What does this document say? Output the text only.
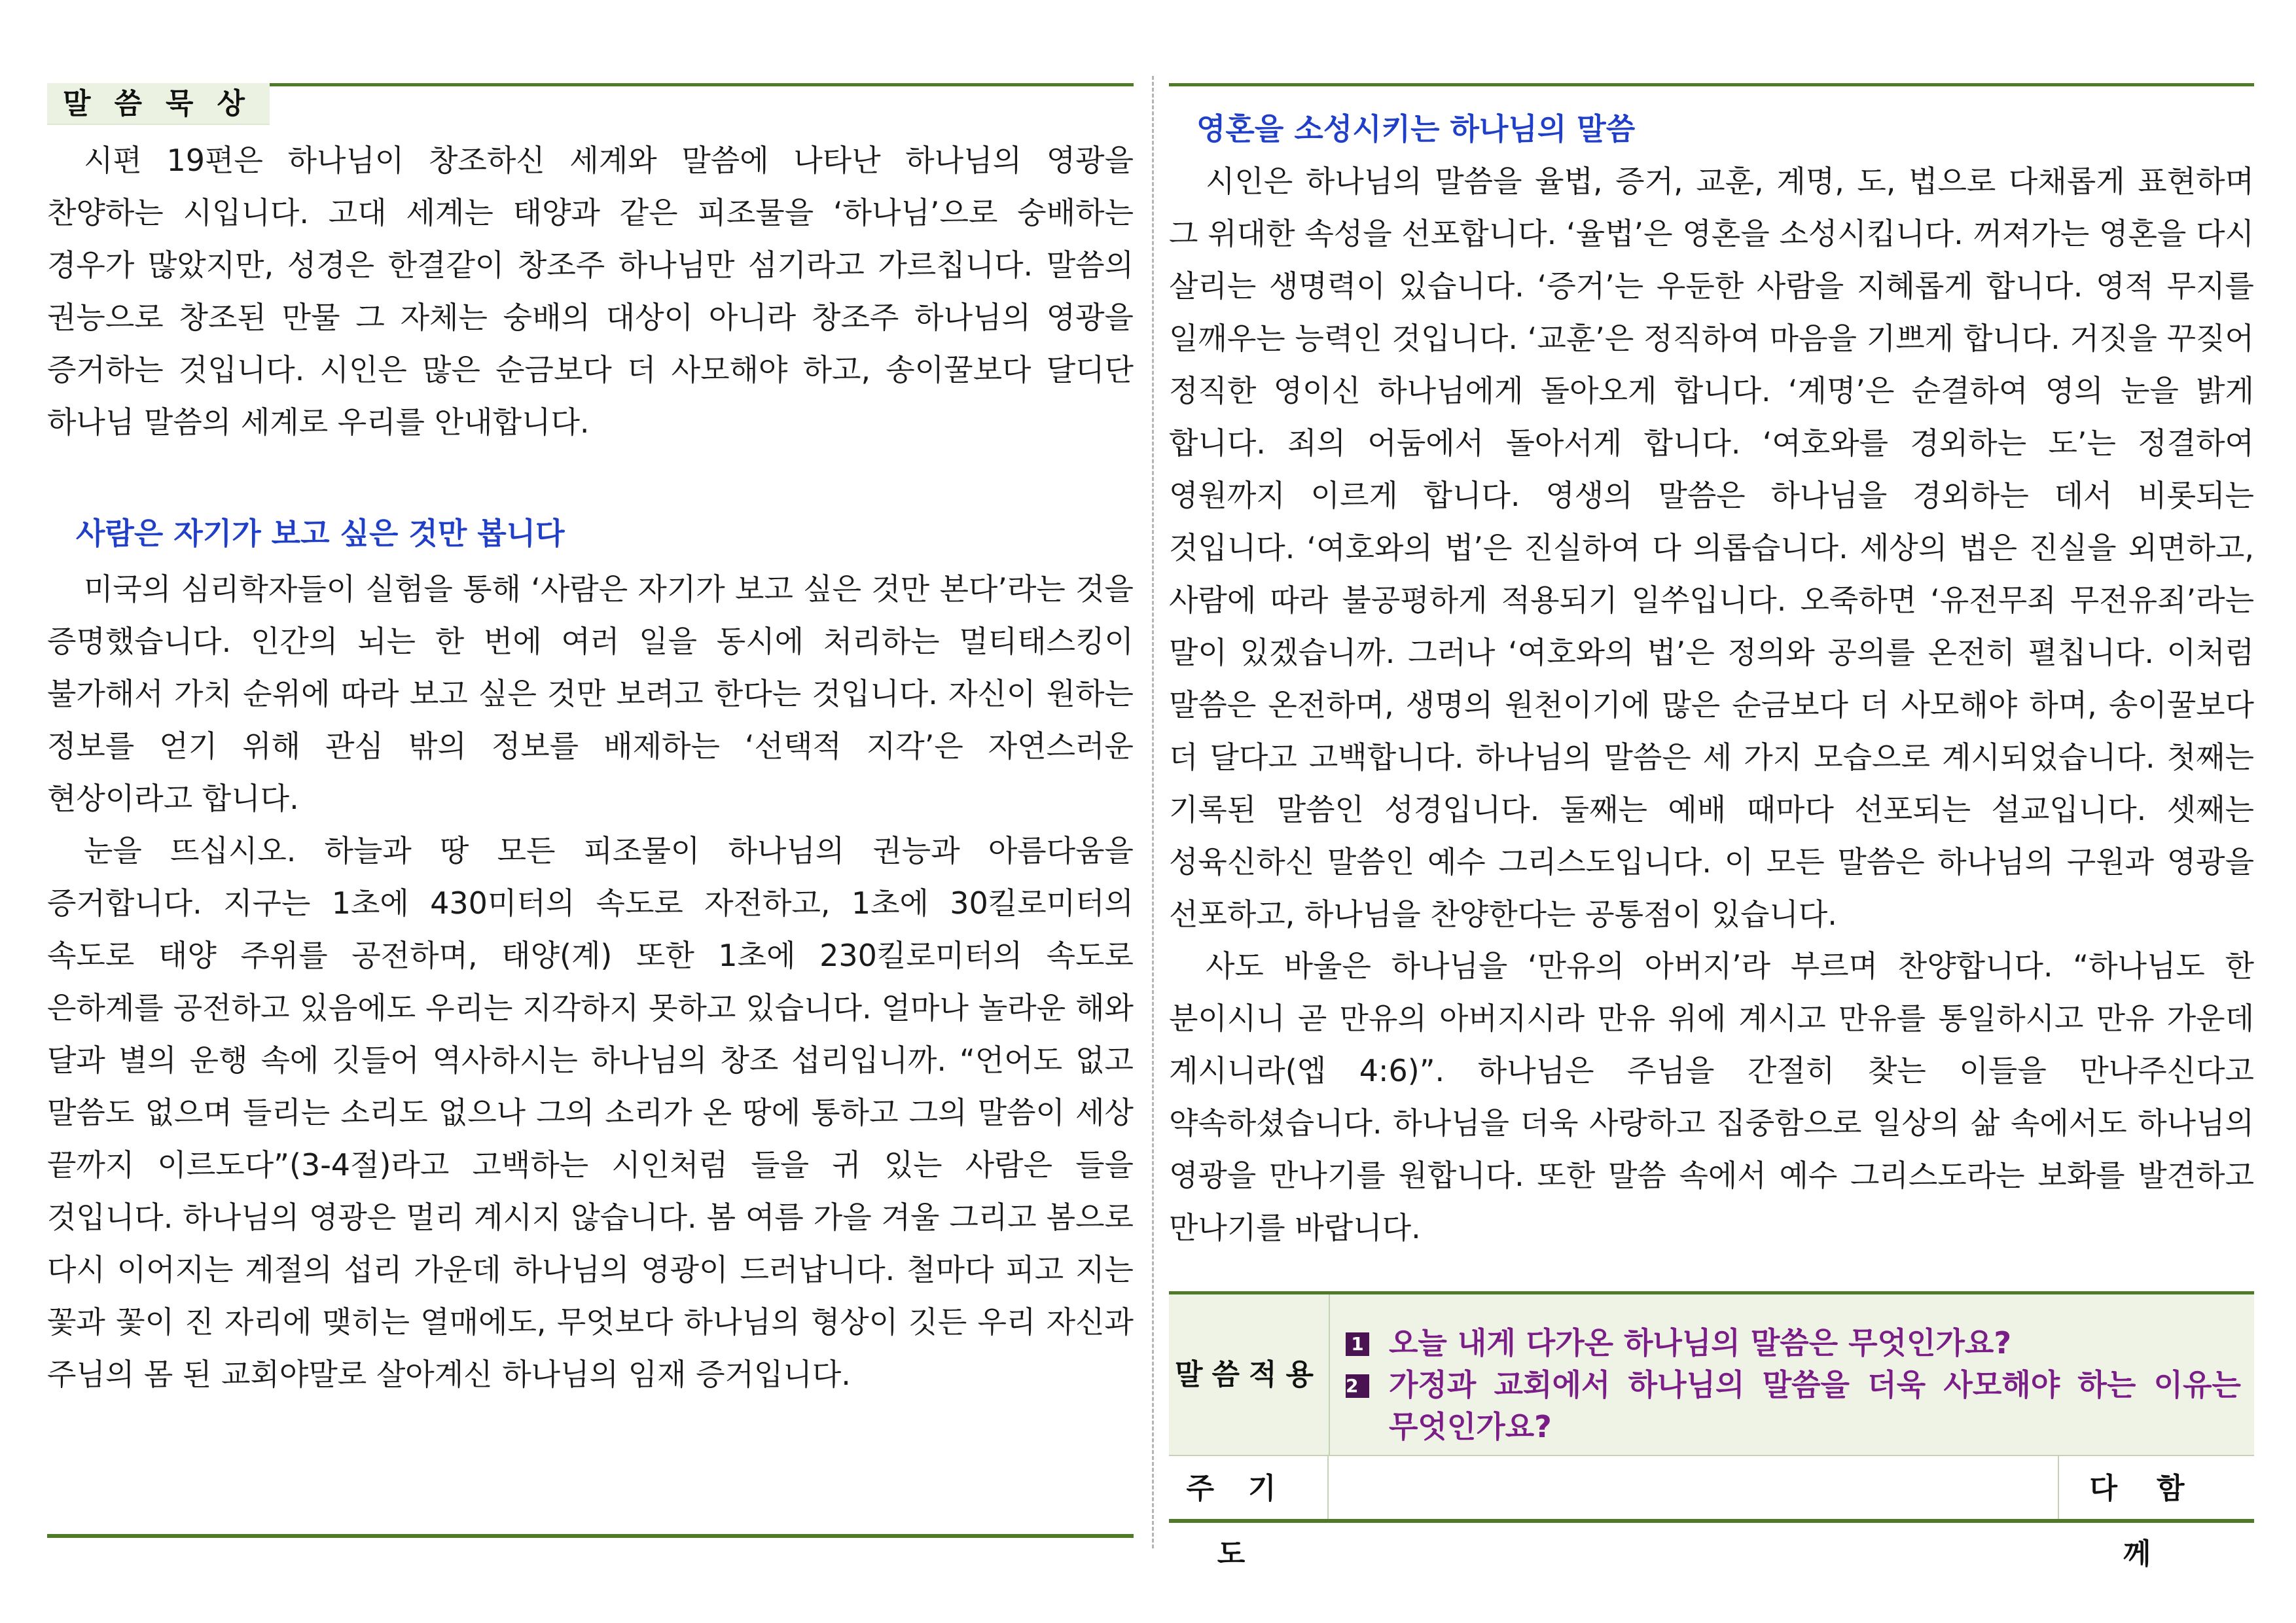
말씀묵상

시편 19편은 하나님이 창조하신 세계와 말씀에 나타난 하나님의 영광을 찬양하는 시입니다. 고대 세계는 태양과 같은 피조물을 ‘하나님’으로 숭배하는 경우가 많았지만, 성경은 한결같이 창조주 하나님만 섬기라고 가르칩니다. 말씀의 권능으로 창조된 만물 그 자체는 숭배의 대상이 아니라 창조주 하나님의 영광을 증거하는 것입니다. 시인은 많은 순금보다 더 사모해야 하고, 송이꿀보다 달디단 하나님 말씀의 세계로 우리를 안내합니다.

사람은 자기가 보고 싶은 것만 봅니다

미국의 심리학자들이 실험을 통해 ‘사람은 자기가 보고 싶은 것만 본다’라는 것을 증명했습니다. 인간의 뇌는 한 번에 여러 일을 동시에 처리하는 멀티태스킹이 불가해서 가치 순위에 따라 보고 싶은 것만 보려고 한다는 것입니다. 자신이 원하는 정보를 얻기 위해 관심 밖의 정보를 배제하는 ‘선택적 지각’은 자연스러운 현상이라고 합니다.

눈을 뜨십시오. 하늘과 땅 모든 피조물이 하나님의 권능과 아름다움을 증거합니다. 지구는 1초에 430미터의 속도로 자전하고, 1초에 30킬로미터의 속도로 태양 주위를 공전하며, 태양(계) 또한 1초에 230킬로미터의 속도로 은하계를 공전하고 있음에도 우리는 지각하지 못하고 있습니다. 얼마나 놀라운 해와 달과 별의 운행 속에 깃들어 역사하시는 하나님의 창조 섭리입니까. “언어도 없고 말씀도 없으며 들리는 소리도 없으나 그의 소리가 온 땅에 통하고 그의 말씀이 세상 끝까지 이르도다”(3-4절)라고 고백하는 시인처럼 들을 귀 있는 사람은 들을 것입니다. 하나님의 영광은 멀리 계시지 않습니다. 봄 여름 가을 겨울 그리고 봄으로 다시 이어지는 계절의 섭리 가운데 하나님의 영광이 드러납니다. 철마다 피고 지는 꽃과 꽃이 진 자리에 맺히는 열매에도, 무엇보다 하나님의 형상이 깃든 우리 자신과 주님의 몸 된 교회야말로 살아계신 하나님의 임재 증거입니다.

영혼을 소성시키는 하나님의 말씀

시인은 하나님의 말씀을 율법, 증거, 교훈, 계명, 도, 법으로 다채롭게 표현하며 그 위대한 속성을 선포합니다. ‘율법’은 영혼을 소성시킵니다. 꺼져가는 영혼을 다시 살리는 생명력이 있습니다. ‘증거’는 우둔한 사람을 지혜롭게 합니다. 영적 무지를 일깨우는 능력인 것입니다. ‘교훈’은 정직하여 마음을 기쁘게 합니다. 거짓을 꾸짖어 정직한 영이신 하나님에게 돌아오게 합니다. ‘계명’은 순결하여 영의 눈을 밝게 합니다. 죄의 어둠에서 돌아서게 합니다. ‘여호와를 경외하는 도’는 정결하여 영원까지 이르게 합니다. 영생의 말씀은 하나님을 경외하는 데서 비롯되는 것입니다. ‘여호와의 법’은 진실하여 다 의롭습니다. 세상의 법은 진실을 외면하고, 사람에 따라 불공평하게 적용되기 일쑤입니다. 오죽하면 ‘유전무죄 무전유죄’라는 말이 있겠습니까. 그러나 ‘여호와의 법’은 정의와 공의를 온전히 펼칩니다. 이처럼 말씀은 온전하며, 생명의 원천이기에 많은 순금보다 더 사모해야 하며, 송이꿀보다 더 달다고 고백합니다. 하나님의 말씀은 세 가지 모습으로 계시되었습니다. 첫째는 기록된 말씀인 성경입니다. 둘째는 예배 때마다 선포되는 설교입니다. 셋째는 성육신하신 말씀인 예수 그리스도입니다. 이 모든 말씀은 하나님의 구원과 영광을 선포하고, 하나님을 찬양한다는 공통점이 있습니다.

사도 바울은 하나님을 ‘만유의 아버지’라 부르며 찬양합니다. “하나님도 한 분이시니 곧 만유의 아버지시라 만유 위에 계시고 만유를 통일하시고 만유 가운데 계시니라(엡 4:6)”. 하나님은 주님을 간절히 찾는 이들을 만나주신다고 약속하셨습니다. 하나님을 더욱 사랑하고 집중함으로 일상의 삶 속에서도 하나님의 영광을 만나기를 원합니다. 또한 말씀 속에서 예수 그리스도라는 보화를 발견하고 만나기를 바랍니다.

말씀적용
1 오늘 내게 다가온 하나님의 말씀은 무엇인가요?
2 가정과 교회에서 하나님의 말씀을 더욱 사모해야 하는 이유는
무엇인가요?
주기도
다함께
